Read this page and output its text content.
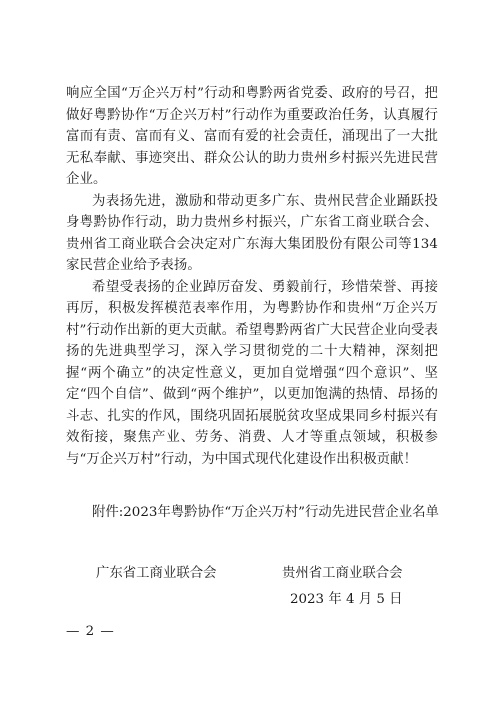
响应全国“万企兴万村”行动和粤黔两省党委、政府的号召，把做好粤黔协作“万企兴万村”行动作为重要政治任务，认真履行富而有责、富而有义、富而有爱的社会责任，涌现出了一大批无私奉献、事迹突出、群众公认的助力贵州乡村振兴先进民营企业。

为表扬先进，激励和带动更多广东、贵州民营企业踊跃投身粤黔协作行动，助力贵州乡村振兴，广东省工商业联合会、贵州省工商业联合会决定对广东海大集团股份有限公司等134家民营企业给予表扬。

希望受表扬的企业踔厉奋发、勇毅前行，珍惜荣誉、再接再厉，积极发挥模范表率作用，为粤黔协作和贵州“万企兴万村”行动作出新的更大贡献。希望粤黔两省广大民营企业向受表扬的先进典型学习，深入学习贯彻党的二十大精神，深刻把握“两个确立”的决定性意义，更加自觉增强“四个意识”、坚定“四个自信”、做到“两个维护”，以更加饱满的热情、昂扬的斗志、扎实的作风，围绕巩固拓展脱贫攻坚成果同乡村振兴有效衔接，聚焦产业、劳务、消费、人才等重点领域，积极参与“万企兴万村”行动，为中国式现代化建设作出积极贡献！

附件:2023年粤黔协作“万企兴万村”行动先进民营企业名单
广东省工商业联合会	贵州省工商业联合会
2023 年 4 月 5 日
— 2 —
